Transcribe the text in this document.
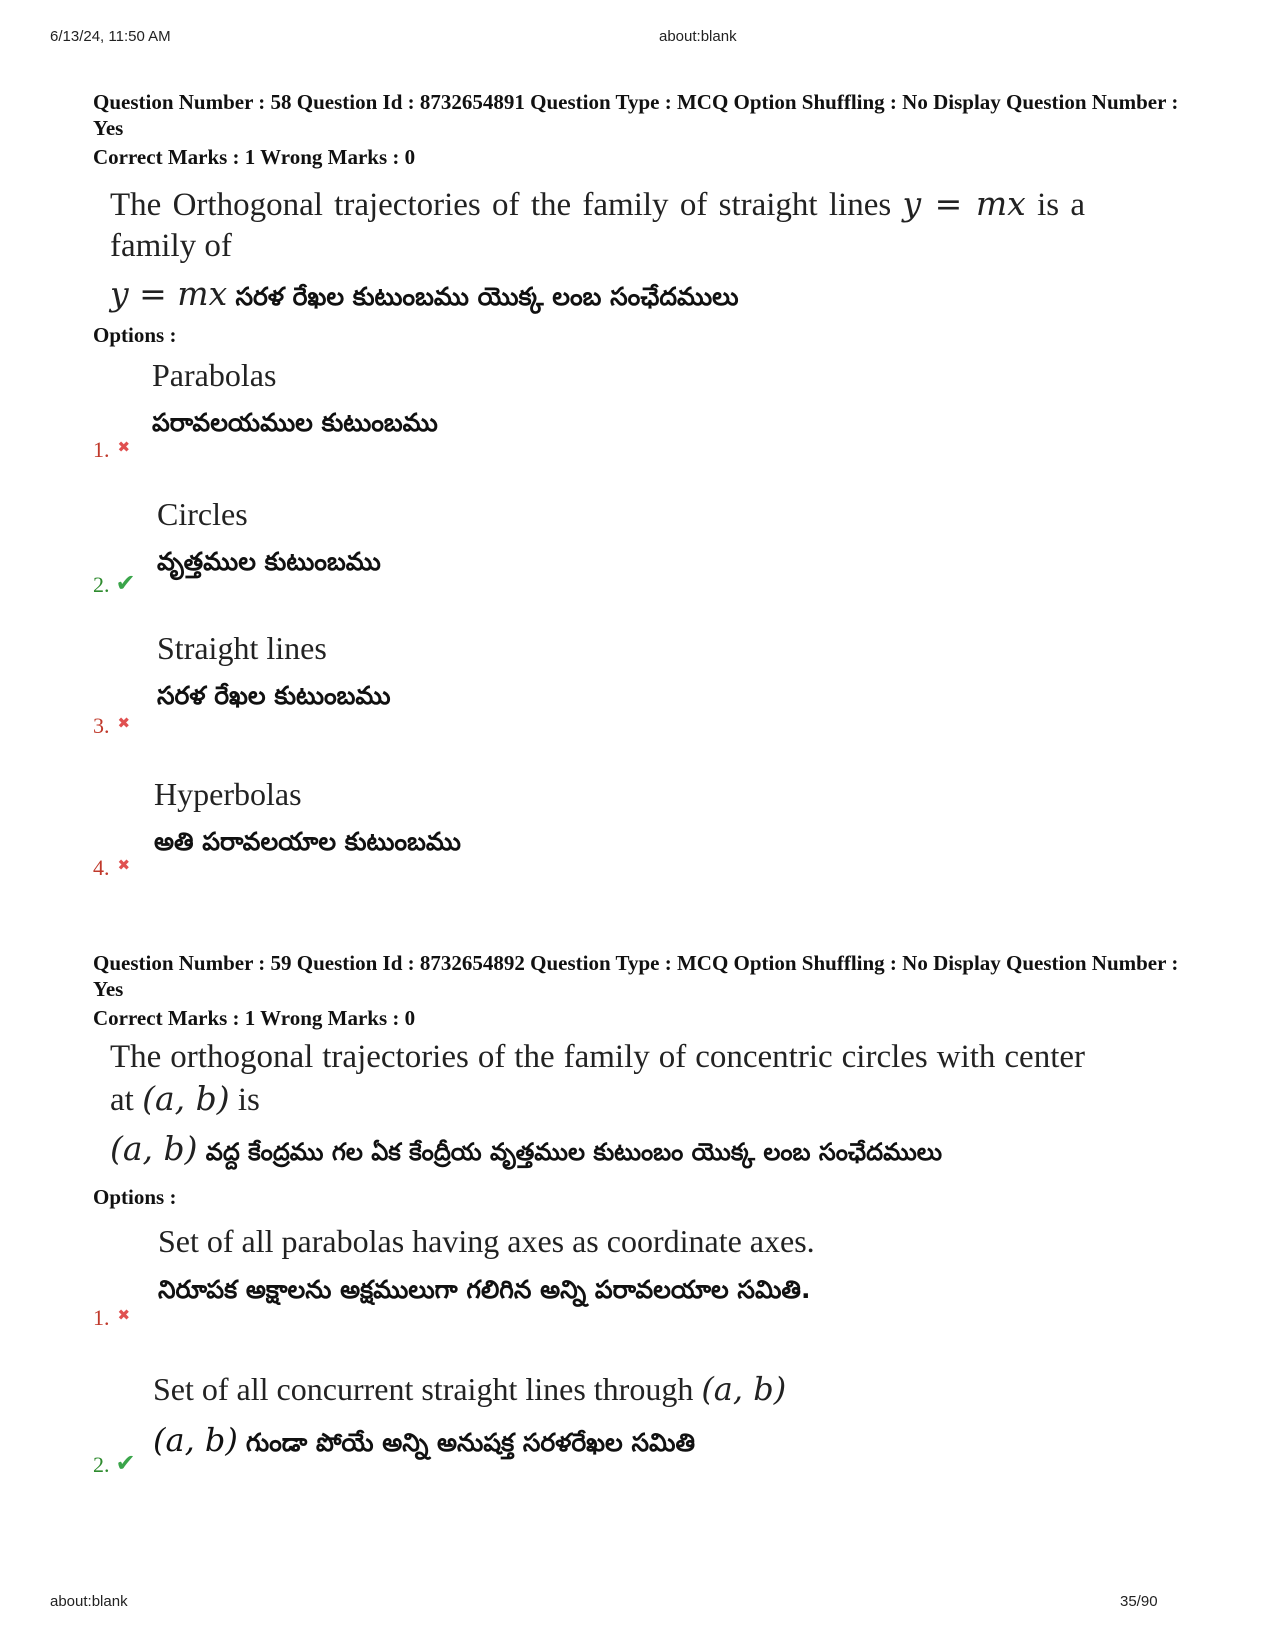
6/13/24, 11:50 AM	about:blank
Question Number : 58 Question Id : 8732654891 Question Type : MCQ Option Shuffling : No Display Question Number : Yes
Correct Marks : 1 Wrong Marks : 0
The Orthogonal trajectories of the family of straight lines y = mx is a family of
y = mx సరళ రేఖల కుటుంబము యొక్క లంబ సంఛేదములు
Options :
Parabolas
పరావలయముల కుటుంబము
1. ✖
Circles
వృత్తముల కుటుంబము
2. ✔
Straight lines
సరళ రేఖల కుటుంబము
3. ✖
Hyperbolas
అతి పరావలయాల కుటుంబము
4. ✖
Question Number : 59 Question Id : 8732654892 Question Type : MCQ Option Shuffling : No Display Question Number : Yes
Correct Marks : 1 Wrong Marks : 0
The orthogonal trajectories of the family of concentric circles with center at (a, b) is
(a, b) వద్ద కేంద్రము గల ఏక కేంద్రీయ వృత్తముల కుటుంబం యొక్క లంబ సంఛేదములు
Options :
Set of all parabolas having axes as coordinate axes.
నిరూపక అక్షాలను అక్షములుగా గలిగిన అన్ని పరావలయాల సమితి.
1. ✖
Set of all concurrent straight lines through (a, b)
(a, b) గుండా పోయే అన్ని అనుషక్త సరళరేఖల సమితి
2. ✔
about:blank	35/90
